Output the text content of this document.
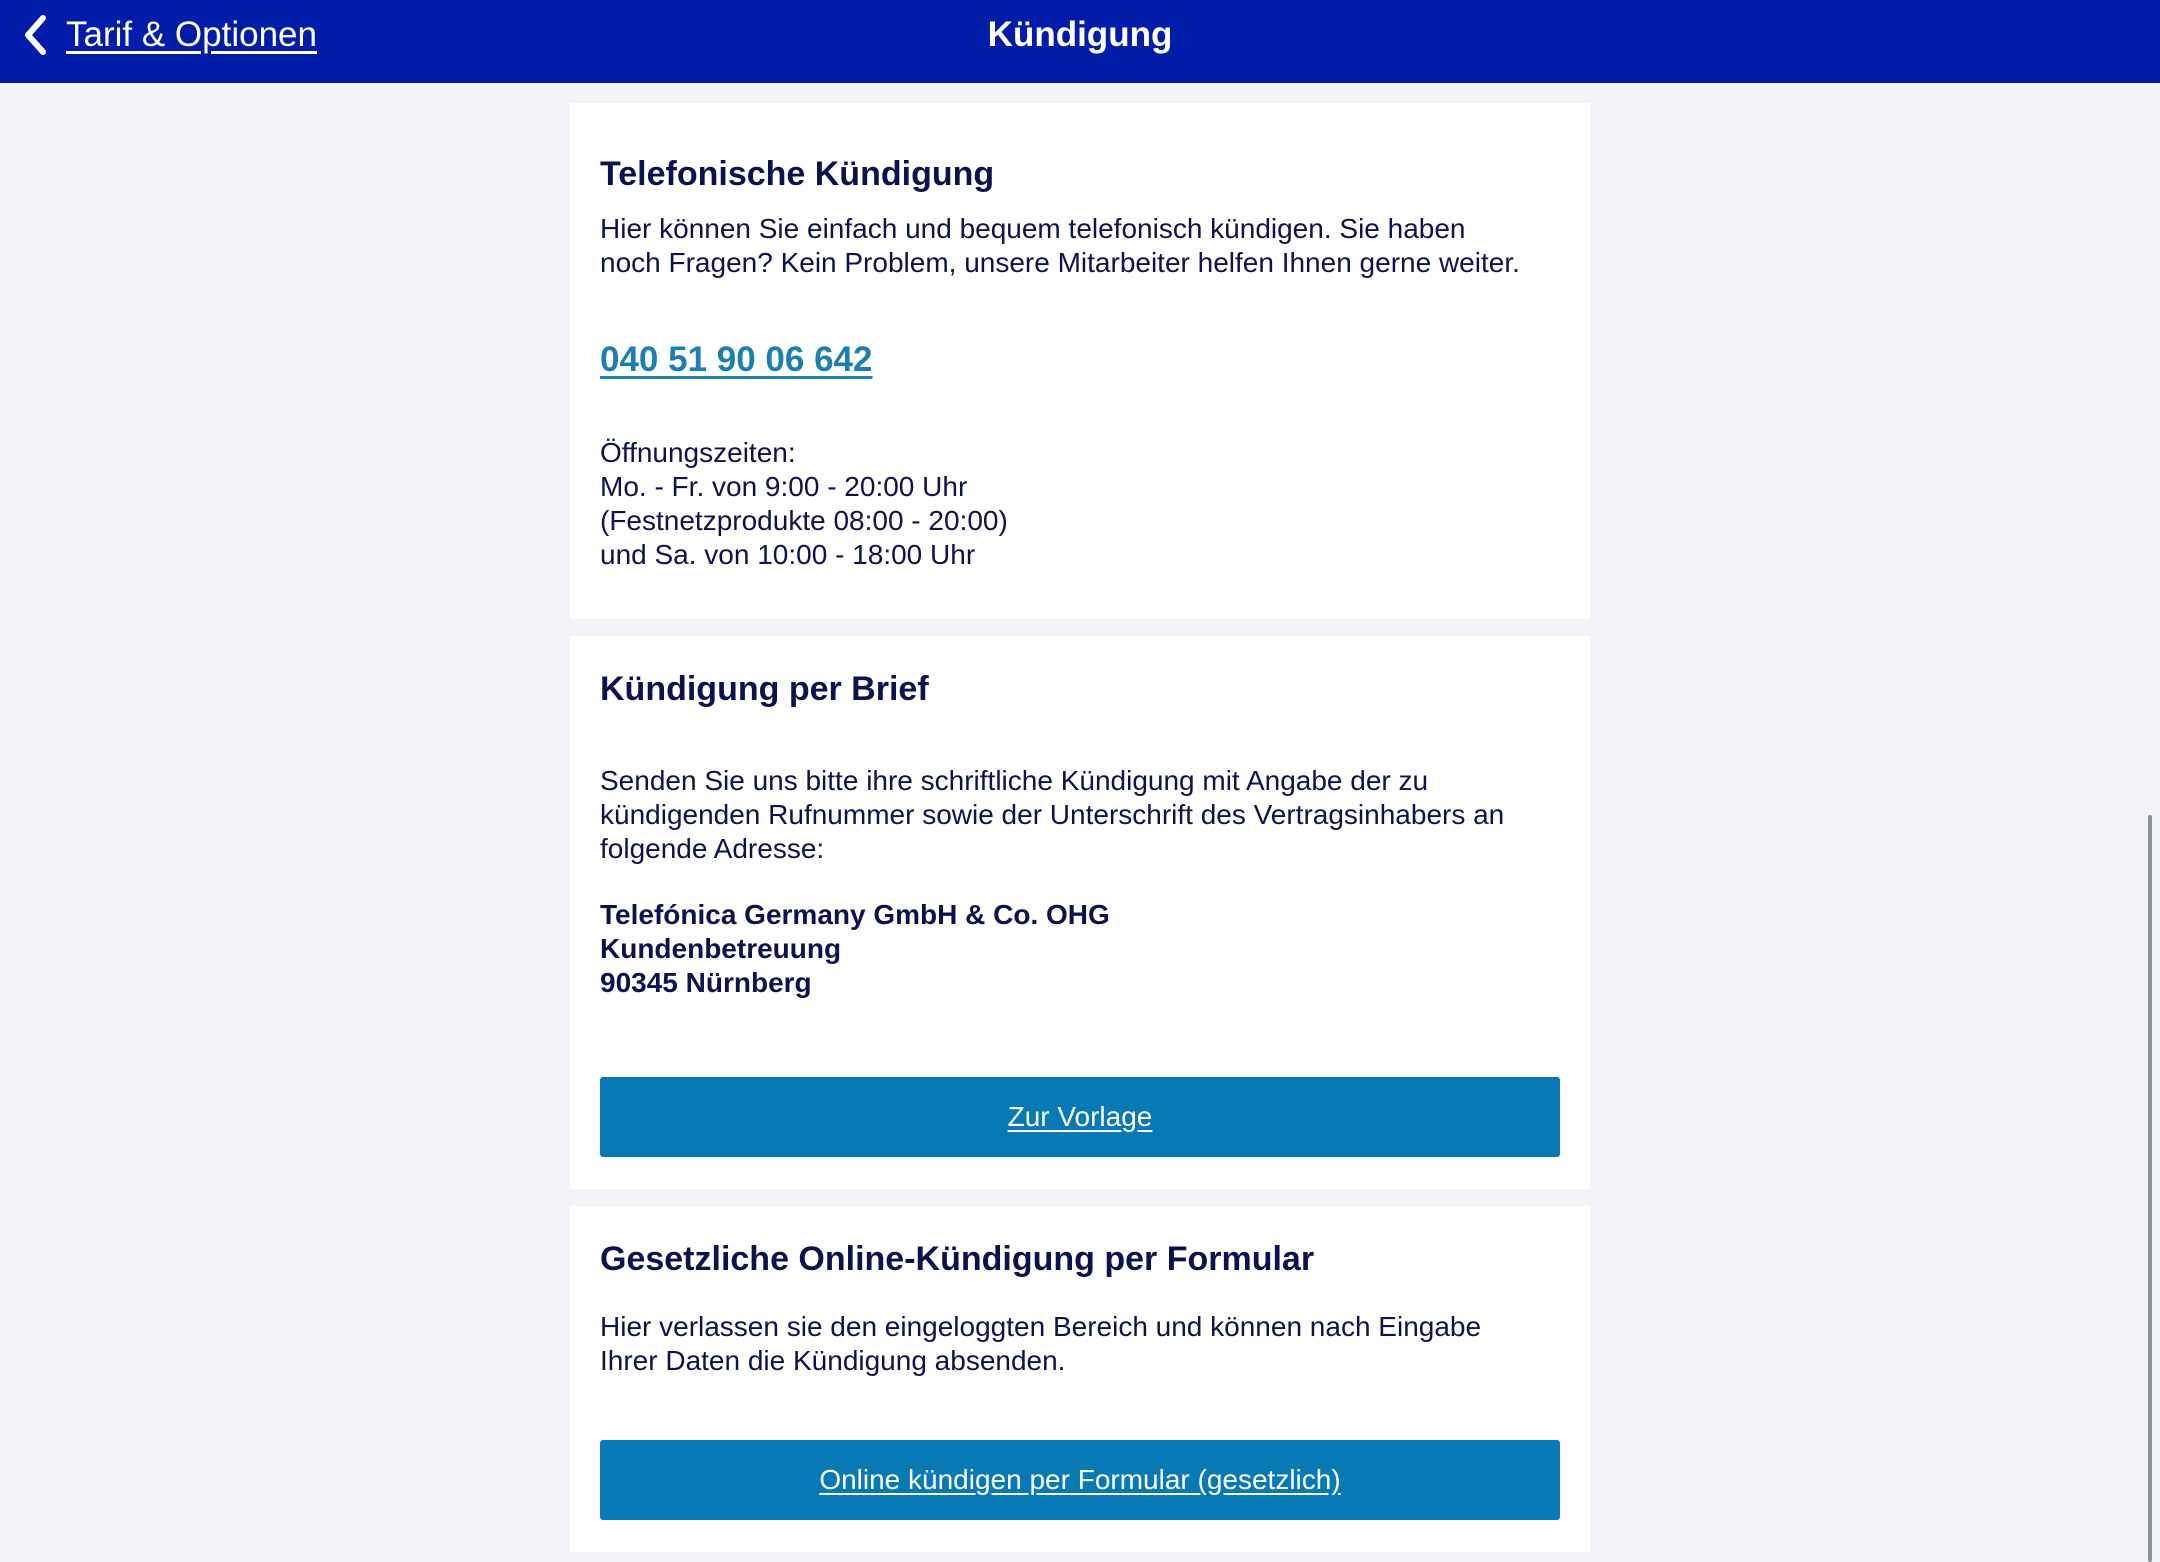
Tarif & Optionen	Kündigung
Telefonische Kündigung

Hier können Sie einfach und bequem telefonisch kündigen. Sie haben

noch Fragen? Kein Problem, unsere Mitarbeiter helfen Ihnen gerne weiter.

040 51 90 06 642

Öffnungszeiten:

Mo. - Fr. von 9:00 - 20:00 Uhr

(Festnetzprodukte 08:00 - 20:00)

und Sa. von 10:00 - 18:00 Uhr

Kündigung per Brief

Senden Sie uns bitte ihre schriftliche Kündigung mit Angabe der zu

kündigenden Rufnummer sowie der Unterschrift des Vertragsinhabers an

folgende Adresse:

Telefónica Germany GmbH & Co. OHG

Kundenbetreuung

90345 Nürnberg

Zur Vorlage
Gesetzliche Online-Kündigung per Formular

Hier verlassen sie den eingeloggten Bereich und können nach Eingabe

Ihrer Daten die Kündigung absenden.

Online kündigen per Formular (gesetzlich)
